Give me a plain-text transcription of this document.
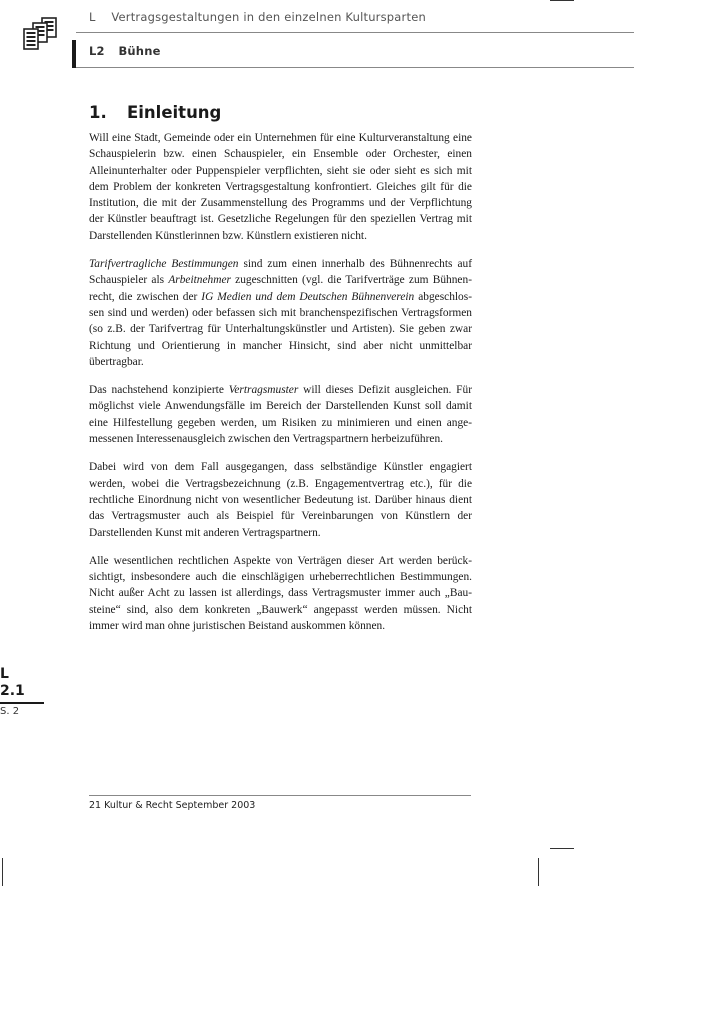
L Vertragsgestaltungen in den einzelnen Kultursparten
L2 Bühne
1. Einleitung

Will eine Stadt, Gemeinde oder ein Unternehmen für eine Kulturveranstaltung eine Schauspielerin bzw. einen Schauspieler, ein Ensemble oder Orchester, einen Alleinunterhalter oder Puppenspieler verpflichten, sieht sie oder sieht es sich mit dem Problem der konkreten Vertragsgestaltung konfrontiert. Gleiches gilt für die Institution, die mit der Zusammenstellung des Programms und der Verpflichtung der Künstler beauftragt ist. Gesetzliche Regelungen für den speziellen Vertrag mit Darstellenden Künstlerinnen bzw. Künstlern existieren nicht.

Tarifvertragliche Bestimmungen sind zum einen innerhalb des Bühnenrechts auf Schauspieler als Arbeitnehmer zugeschnitten (vgl. die Tarifverträge zum Bühnenrecht, die zwischen der IG Medien und dem Deutschen Bühnenverein abgeschlossen sind und werden) oder befassen sich mit branchenspezifischen Vertragsformen (so z.B. der Tarifvertrag für Unterhaltungskünstler und Artisten). Sie geben zwar Richtung und Orientierung in mancher Hinsicht, sind aber nicht unmittelbar übertragbar.

Das nachstehend konzipierte Vertragsmuster will dieses Defizit ausgleichen. Für möglichst viele Anwendungsfälle im Bereich der Darstellenden Kunst soll damit eine Hilfestellung gegeben werden, um Risiken zu minimieren und einen angemessenen Interessenausgleich zwischen den Vertragspartnern herbeizuführen.

Dabei wird von dem Fall ausgegangen, dass selbständige Künstler engagiert werden, wobei die Vertragsbezeichnung (z.B. Engagementvertrag etc.), für die rechtliche Einordnung nicht von wesentlicher Bedeutung ist. Darüber hinaus dient das Vertragsmuster auch als Beispiel für Vereinbarungen von Künstlern der Darstellenden Kunst mit anderen Vertragspartnern.

Alle wesentlichen rechtlichen Aspekte von Verträgen dieser Art werden berücksichtigt, insbesondere auch die einschlägigen urheberrechtlichen Bestimmungen. Nicht außer Acht zu lassen ist allerdings, dass Vertragsmuster immer auch „Bausteine“ sind, also dem konkreten „Bauwerk“ angepasst werden müssen. Nicht immer wird man ohne juristischen Beistand auskommen können.

L
2.1
S. 2
21 Kultur & Recht September 2003
